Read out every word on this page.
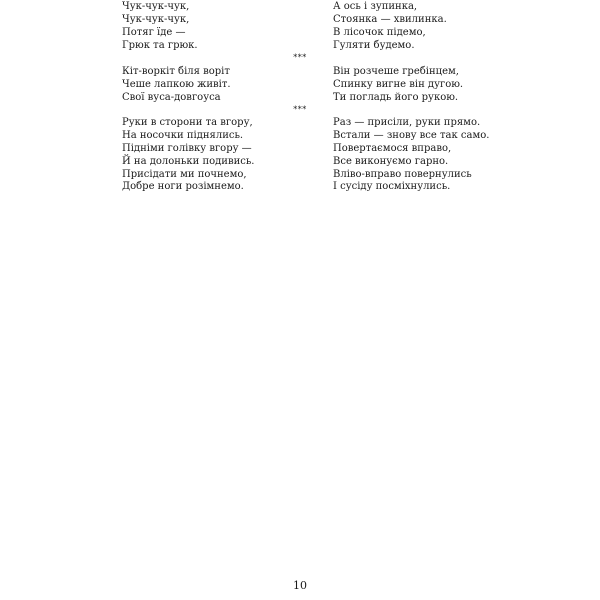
Чук-чук-чук,
Чук-чук-чук,
Потяг їде —
Грюк та грюк.
А ось і зупинка,
Стоянка — хвилинка.
В лісочок підемо,
Гуляти будемо.
***
Кіт-воркіт біля воріт
Чеше лапкою живіт.
Свої вуса-довгоуса
Він розчеше гребінцем,
Спинку вигне він дугою.
Ти погладь його рукою.
***
Руки в сторони та вгору,
На носочки піднялись.
Підніми голівку вгору —
Й на долоньки подивись.
Присідати ми почнемо,
Добре ноги розімнемо.
Раз — присіли, руки прямо.
Встали — знову все так само.
Повертаємося вправо,
Все виконуємо гарно.
Вліво-вправо повернулись
І сусіду посміхнулись.
10
